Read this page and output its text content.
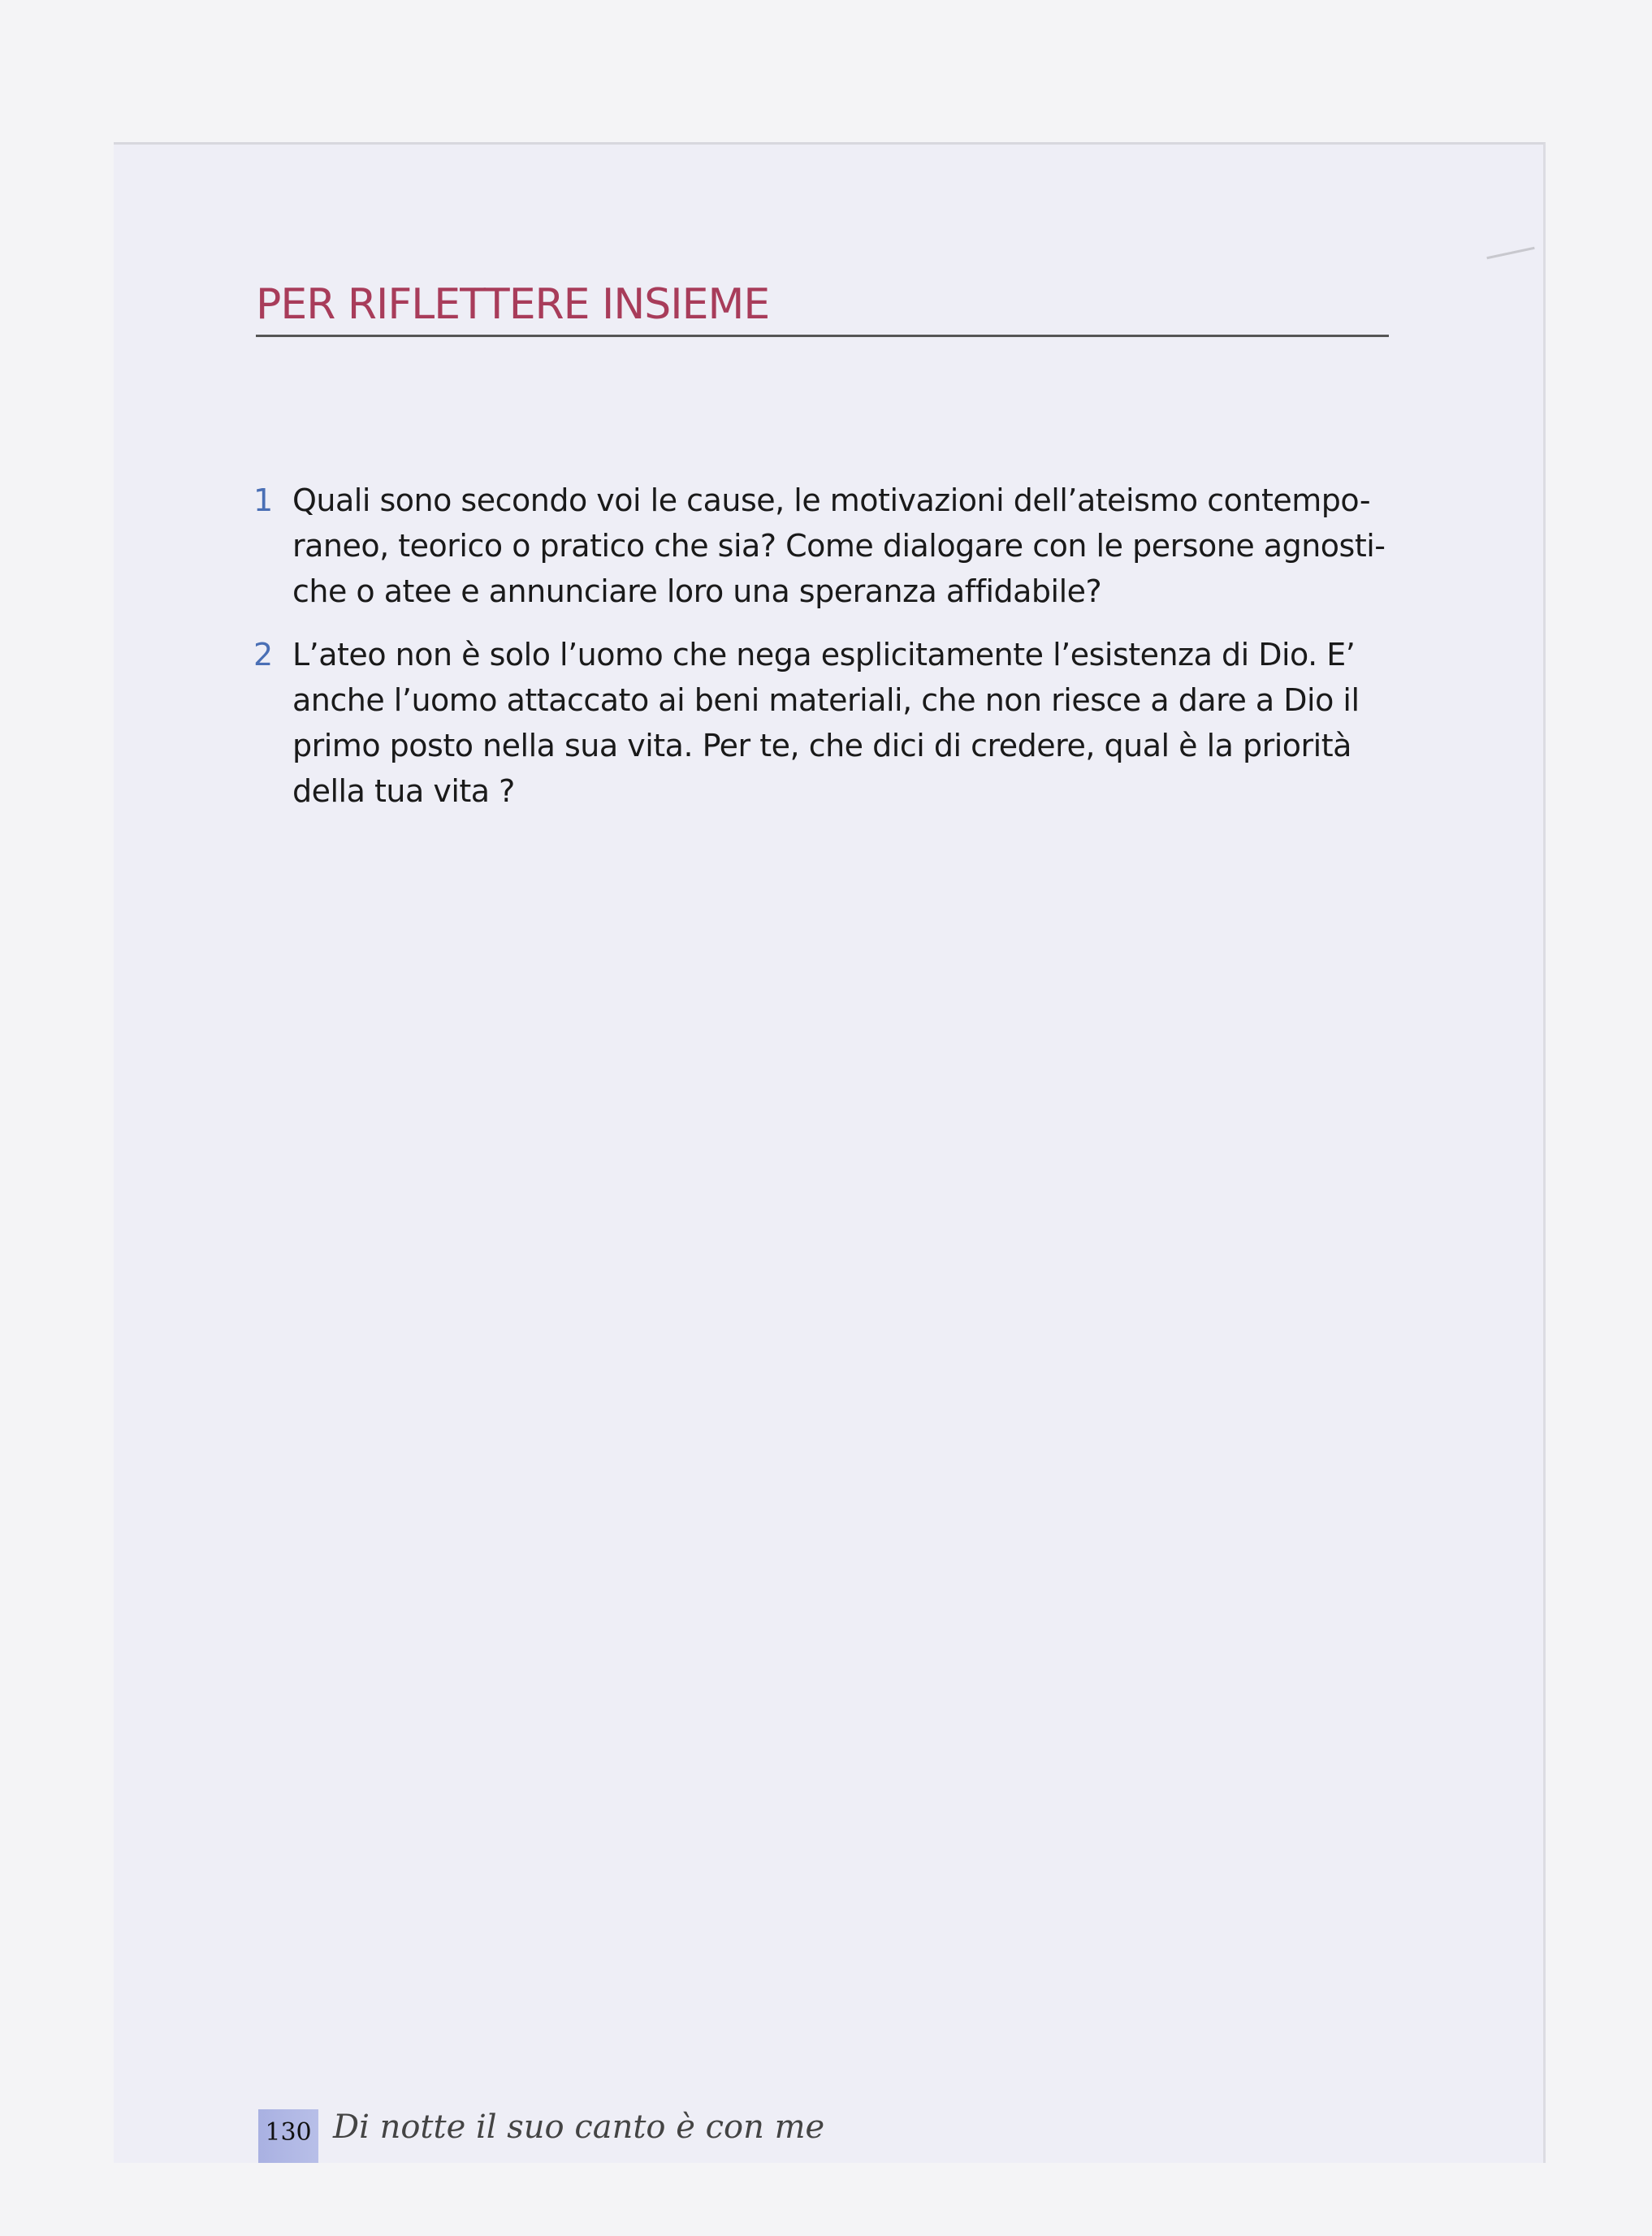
PER RIFLETTERE INSIEME
1 Quali sono secondo voi le cause, le motivazioni dell’ateismo contempo-raneo, teorico o pratico che sia? Come dialogare con le persone agnosti-che o atee e annunciare loro una speranza affidabile?
2 L’ateo non è solo l’uomo che nega esplicitamente l’esistenza di Dio. E’ anche l’uomo attaccato ai beni materiali, che non riesce a dare a Dio il primo posto nella sua vita. Per te, che dici di credere, qual è la priorità della tua vita ?
130 Di notte il suo canto è con me
